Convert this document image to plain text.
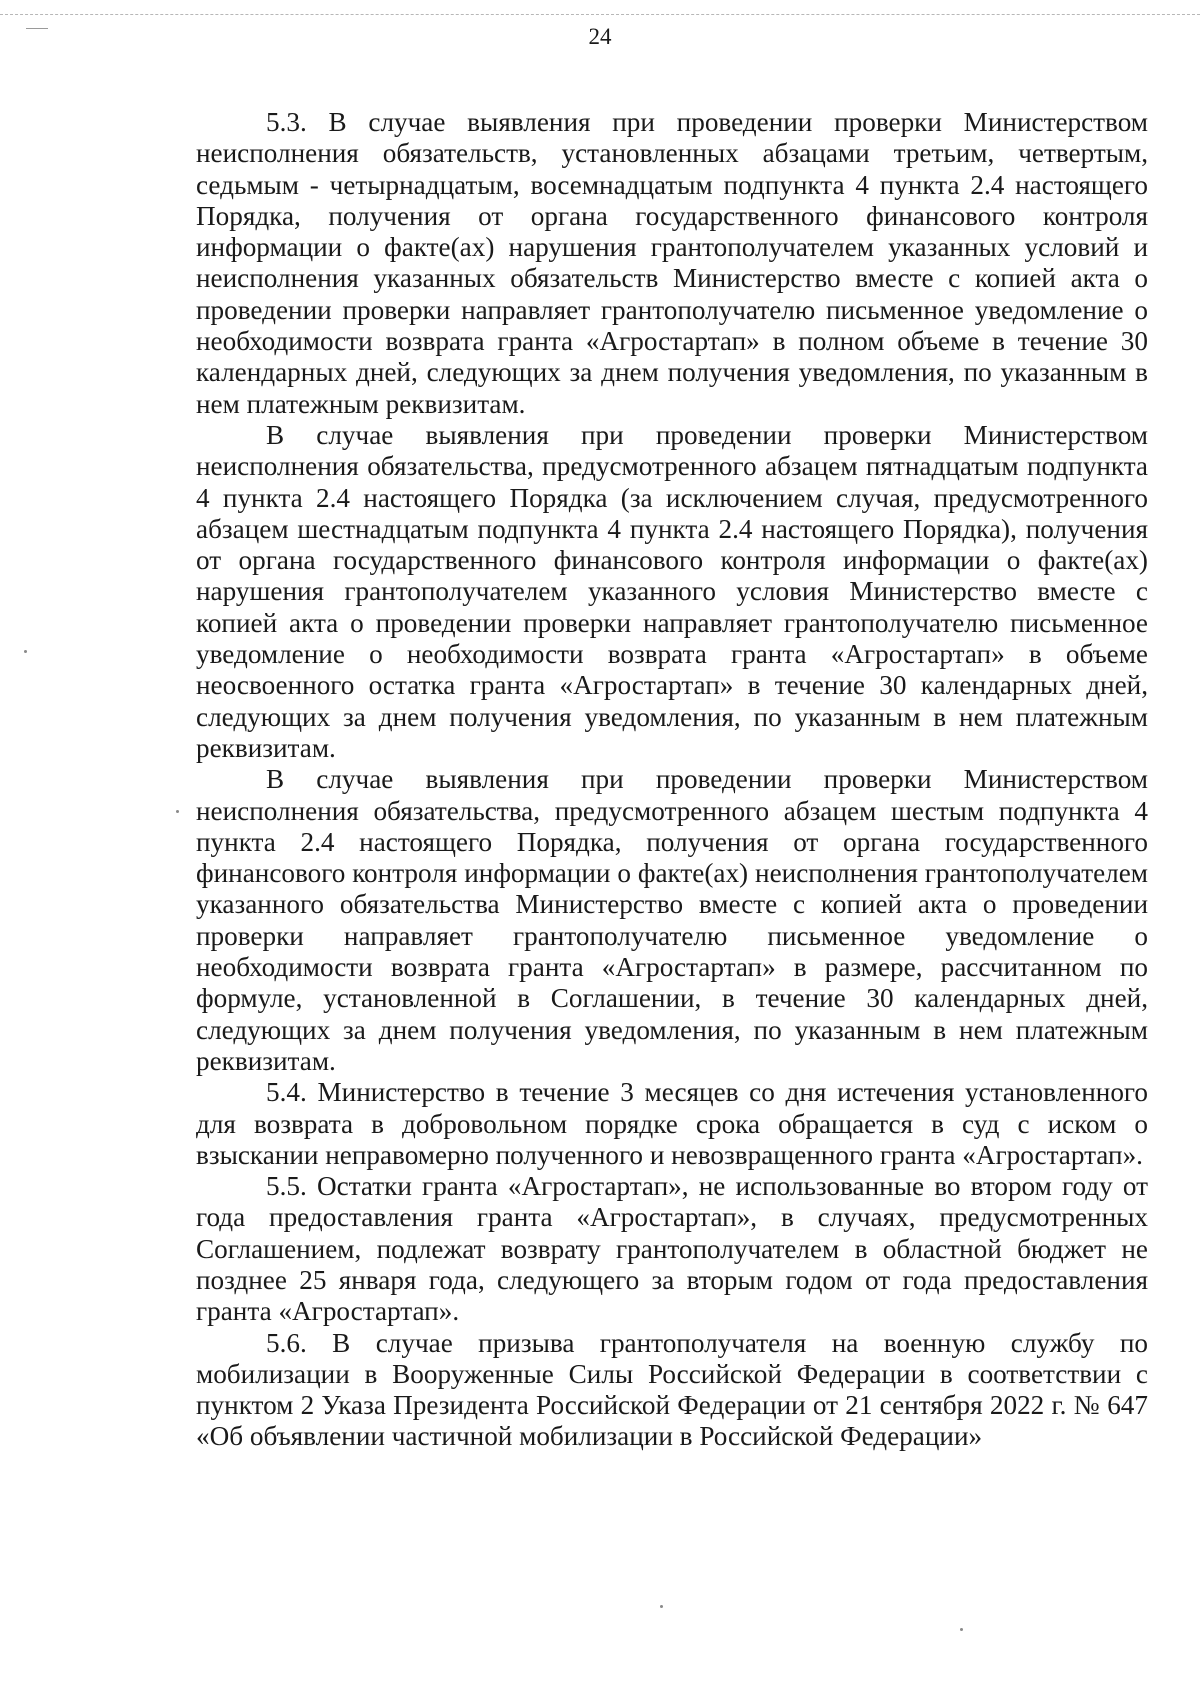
24

5.3. В случае выявления при проведении проверки Министерством неисполнения обязательств, установленных абзацами третьим, четвертым, седьмым - четырнадцатым, восемнадцатым подпункта 4 пункта 2.4 настоящего Порядка, получения от органа государственного финансового контроля информации о факте(ах) нарушения грантополучателем указанных условий и неисполнения указанных обязательств Министерство вместе с копией акта о проведении проверки направляет грантополучателю письменное уведомление о необходимости возврата гранта «Агростартап» в полном объеме в течение 30 календарных дней, следующих за днем получения уведомления, по указанным в нем платежным реквизитам.

В случае выявления при проведении проверки Министерством неисполнения обязательства, предусмотренного абзацем пятнадцатым подпункта 4 пункта 2.4 настоящего Порядка (за исключением случая, предусмотренного абзацем шестнадцатым подпункта 4 пункта 2.4 настоящего Порядка), получения от органа государственного финансового контроля информации о факте(ах) нарушения грантополучателем указанного условия Министерство вместе с копией акта о проведении проверки направляет грантополучателю письменное уведомление о необходимости возврата гранта «Агростартап» в объеме неосвоенного остатка гранта «Агростартап» в течение 30 календарных дней, следующих за днем получения уведомления, по указанным в нем платежным реквизитам.

В случае выявления при проведении проверки Министерством неисполнения обязательства, предусмотренного абзацем шестым подпункта 4 пункта 2.4 настоящего Порядка, получения от органа государственного финансового контроля информации о факте(ах) неисполнения грантополучателем указанного обязательства Министерство вместе с копией акта о проведении проверки направляет грантополучателю письменное уведомление о необходимости возврата гранта «Агростартап» в размере, рассчитанном по формуле, установленной в Соглашении, в течение 30 календарных дней, следующих за днем получения уведомления, по указанным в нем платежным реквизитам.

5.4. Министерство в течение 3 месяцев со дня истечения установленного для возврата в добровольном порядке срока обращается в суд с иском о взыскании неправомерно полученного и невозвращенного гранта «Агростартап».

5.5. Остатки гранта «Агростартап», не использованные во втором году от года предоставления гранта «Агростартап», в случаях, предусмотренных Соглашением, подлежат возврату грантополучателем в областной бюджет не позднее 25 января года, следующего за вторым годом от года предоставления гранта «Агростартап».

5.6. В случае призыва грантополучателя на военную службу по мобилизации в Вооруженные Силы Российской Федерации в соответствии с пунктом 2 Указа Президента Российской Федерации от 21 сентября 2022 г. № 647 «Об объявлении частичной мобилизации в Российской Федерации»
